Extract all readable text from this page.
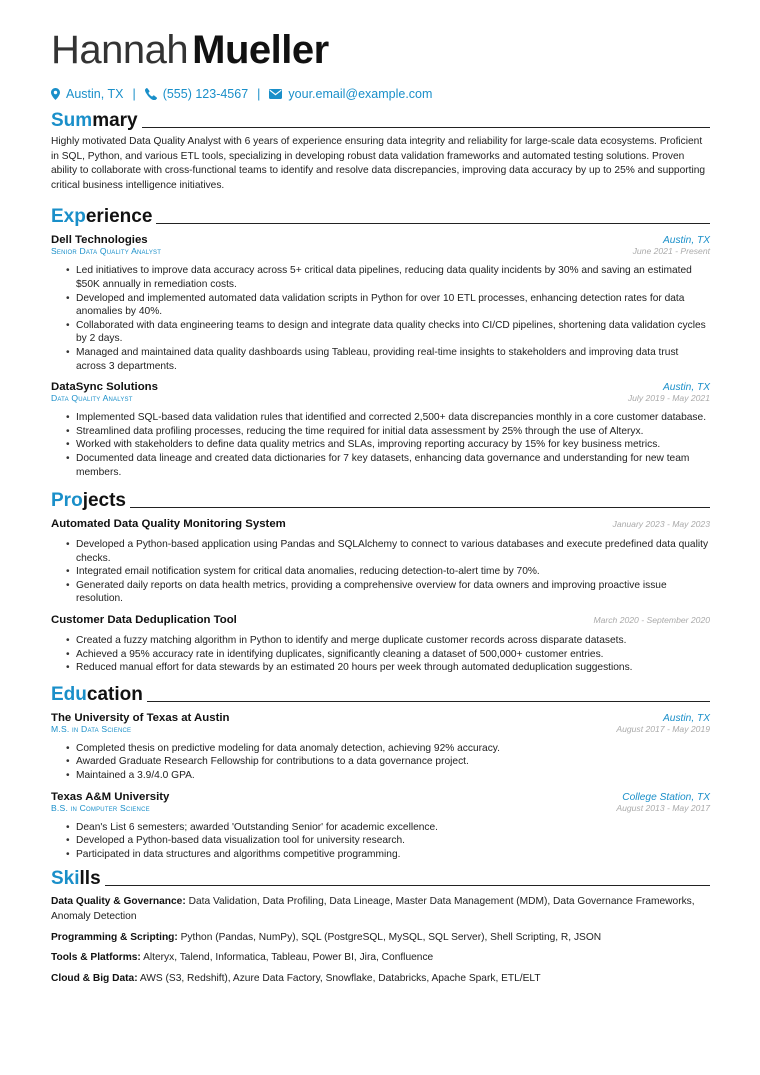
Hannah Mueller
Austin, TX | (555) 123-4567 | your.email@example.com
Summary
Highly motivated Data Quality Analyst with 6 years of experience ensuring data integrity and reliability for large-scale data ecosystems. Proficient in SQL, Python, and various ETL tools, specializing in developing robust data validation frameworks and automated testing solutions. Proven ability to collaborate with cross-functional teams to identify and resolve data discrepancies, improving data accuracy by up to 25% and supporting critical business intelligence initiatives.
Experience
Dell Technologies	Austin, TX
Senior Data Quality Analyst	June 2021 - Present
• Led initiatives to improve data accuracy across 5+ critical data pipelines, reducing data quality incidents by 30% and saving an estimated $50K annually in remediation costs.
• Developed and implemented automated data validation scripts in Python for over 10 ETL processes, enhancing detection rates for data anomalies by 40%.
• Collaborated with data engineering teams to design and integrate data quality checks into CI/CD pipelines, shortening data validation cycles by 2 days.
• Managed and maintained data quality dashboards using Tableau, providing real-time insights to stakeholders and improving data trust across 3 departments.
DataSync Solutions	Austin, TX
Data Quality Analyst	July 2019 - May 2021
• Implemented SQL-based data validation rules that identified and corrected 2,500+ data discrepancies monthly in a core customer database.
• Streamlined data profiling processes, reducing the time required for initial data assessment by 25% through the use of Alteryx.
• Worked with stakeholders to define data quality metrics and SLAs, improving reporting accuracy by 15% for key business metrics.
• Documented data lineage and created data dictionaries for 7 key datasets, enhancing data governance and understanding for new team members.
Projects
Automated Data Quality Monitoring System	January 2023 - May 2023
• Developed a Python-based application using Pandas and SQLAlchemy to connect to various databases and execute predefined data quality checks.
• Integrated email notification system for critical data anomalies, reducing detection-to-alert time by 70%.
• Generated daily reports on data health metrics, providing a comprehensive overview for data owners and improving proactive issue resolution.
Customer Data Deduplication Tool	March 2020 - September 2020
• Created a fuzzy matching algorithm in Python to identify and merge duplicate customer records across disparate datasets.
• Achieved a 95% accuracy rate in identifying duplicates, significantly cleaning a dataset of 500,000+ customer entries.
• Reduced manual effort for data stewards by an estimated 20 hours per week through automated deduplication suggestions.
Education
The University of Texas at Austin	Austin, TX
M.S. in Data Science	August 2017 - May 2019
• Completed thesis on predictive modeling for data anomaly detection, achieving 92% accuracy.
• Awarded Graduate Research Fellowship for contributions to a data governance project.
• Maintained a 3.9/4.0 GPA.
Texas A&M University	College Station, TX
B.S. in Computer Science	August 2013 - May 2017
• Dean's List 6 semesters; awarded 'Outstanding Senior' for academic excellence.
• Developed a Python-based data visualization tool for university research.
• Participated in data structures and algorithms competitive programming.
Skills
Data Quality & Governance: Data Validation, Data Profiling, Data Lineage, Master Data Management (MDM), Data Governance Frameworks, Anomaly Detection
Programming & Scripting: Python (Pandas, NumPy), SQL (PostgreSQL, MySQL, SQL Server), Shell Scripting, R, JSON
Tools & Platforms: Alteryx, Talend, Informatica, Tableau, Power BI, Jira, Confluence
Cloud & Big Data: AWS (S3, Redshift), Azure Data Factory, Snowflake, Databricks, Apache Spark, ETL/ELT
